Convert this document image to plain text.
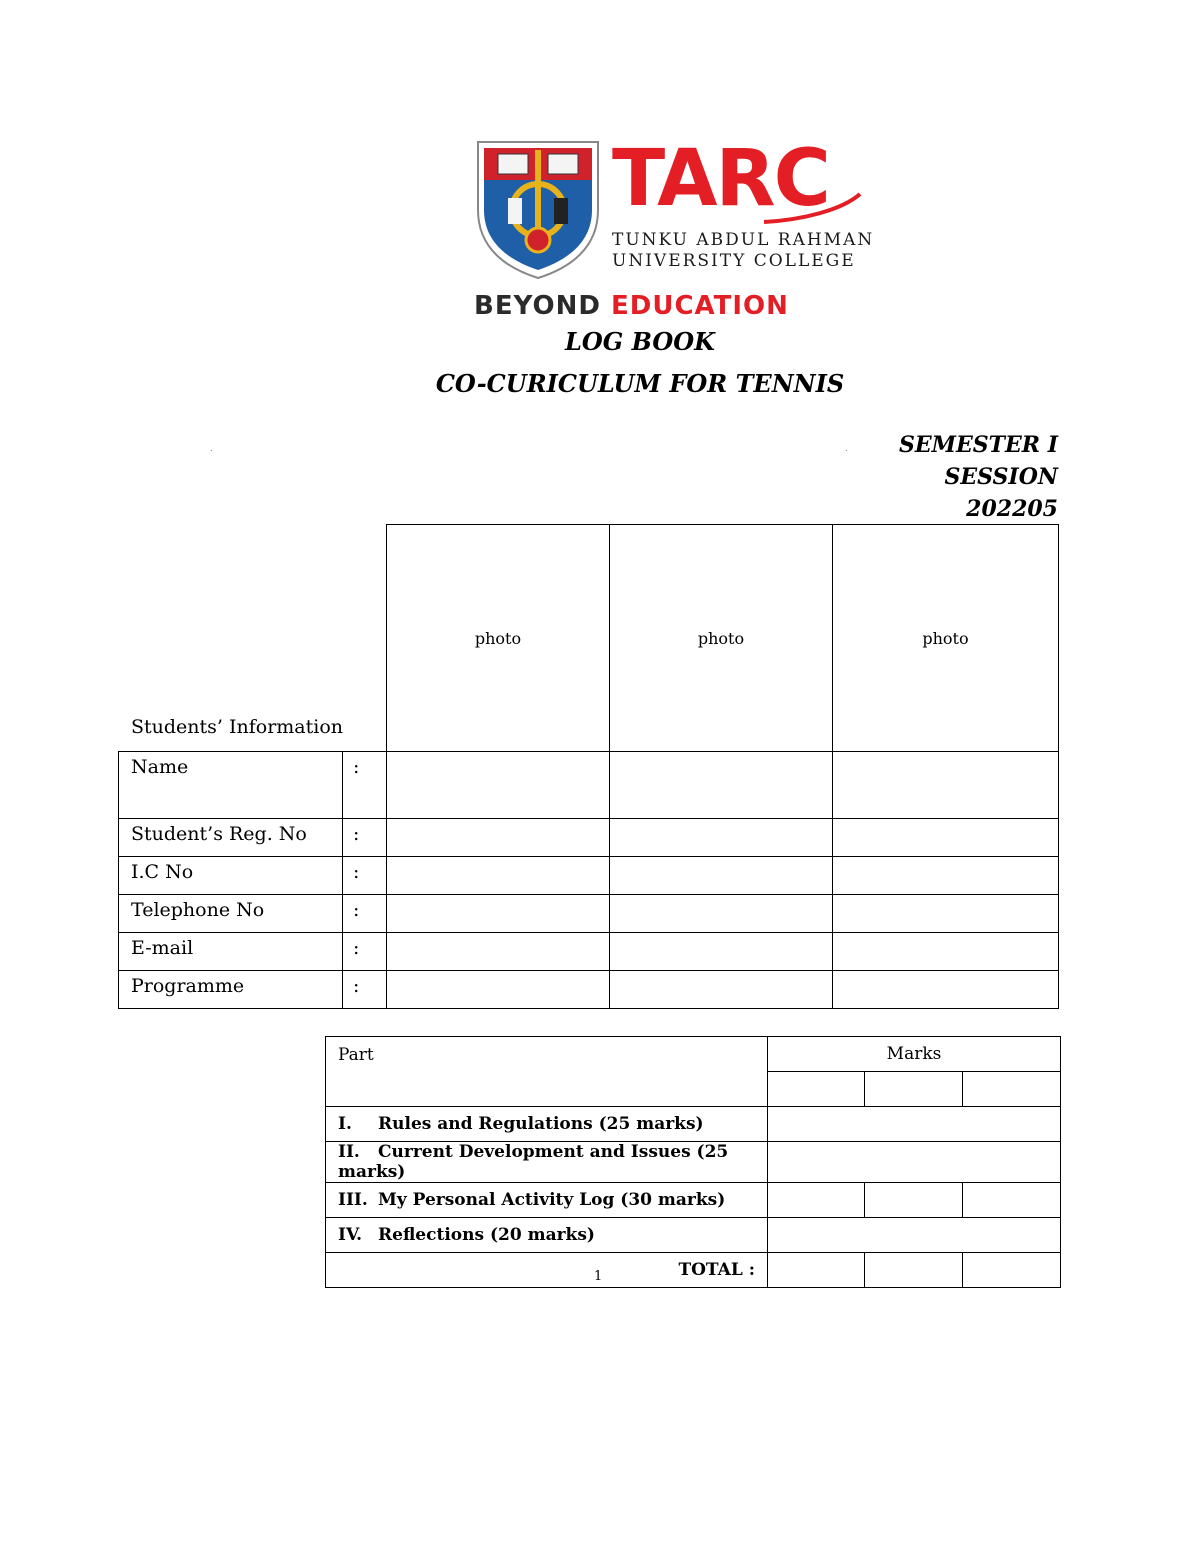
TARC
TUNKU ABDUL RAHMAN
UNIVERSITY COLLEGE
BEYOND EDUCATION
LOG BOOK
CO-CURICULUM FOR TENNIS
.	. SEMESTER I
SESSION
202205
		photo	photo	photo
Name	:			
Student’s Reg. No	:			
I.C No	:			
Telephone No	:			
E-mail	:			
Programme	:			
Students’ Information
Part	Marks		

I. Rules and Regulations (25 marks)			
II. Current Development and Issues (25 marks)			
III. My Personal Activity Log (30 marks)			
IV. Reflections (20 marks)			

1 TOTAL :			
